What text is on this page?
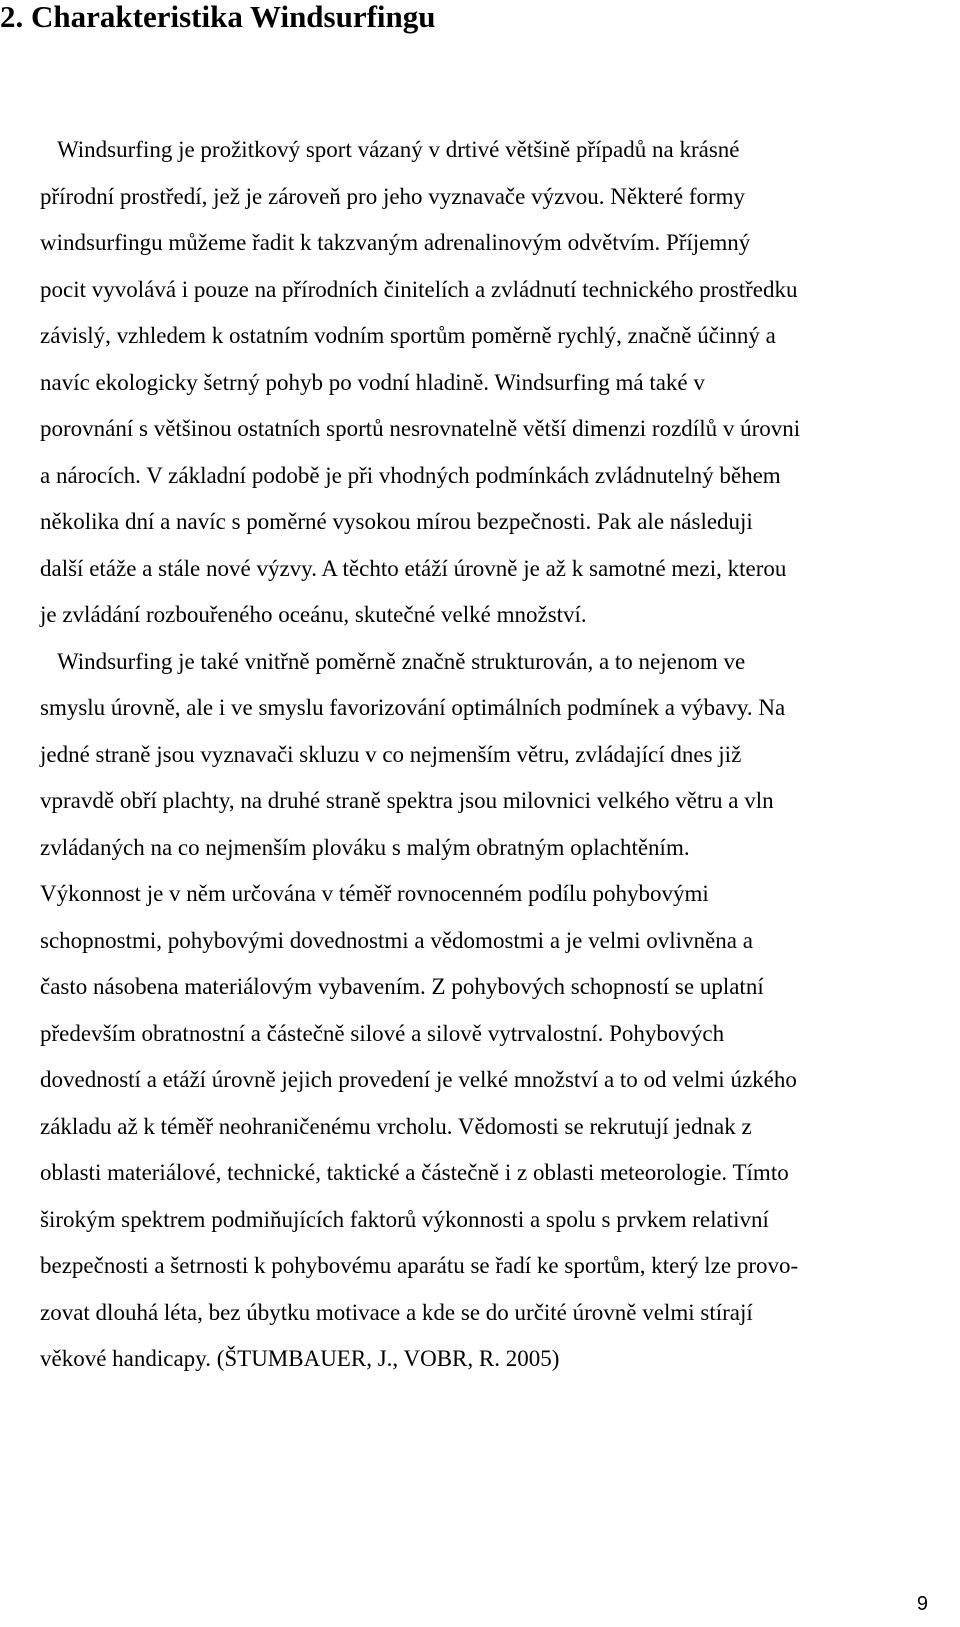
2. Charakteristika Windsurfingu
Windsurfing je prožitkový sport vázaný v drtivé většině případů na krásné
přírodní prostředí, jež je zároveň pro jeho vyznavače výzvou. Některé formy
windsurfingu můžeme řadit k takzvaným adrenalinovým odvětvím. Příjemný
pocit vyvolává i pouze na přírodních činitelích a zvládnutí technického prostředku
závislý, vzhledem k ostatním vodním sportům poměrně rychlý, značně účinný a
navíc ekologicky šetrný pohyb po vodní hladině. Windsurfing má také v
porovnání s většinou ostatních sportů nesrovnatelně větší dimenzi rozdílů v úrovni
a nárocích. V základní podobě je při vhodných podmínkách zvládnutelný během
několika dní a navíc s poměrné vysokou mírou bezpečnosti. Pak ale následuji
další etáže a stále nové výzvy. A těchto etáží úrovně je až k samotné mezi, kterou
je zvládání rozbouřeného oceánu, skutečné velké množství.
Windsurfing je také vnitřně poměrně značně strukturován, a to nejenom ve
smyslu úrovně, ale i ve smyslu favorizování optimálních podmínek a výbavy. Na
jedné straně jsou vyznavači skluzu v co nejmenším větru, zvládající dnes již
vpravdě obří plachty, na druhé straně spektra jsou milovnici velkého větru a vln
zvládaných na co nejmenším plováku s malým obratným oplachtěním.
Výkonnost je v něm určována v téměř rovnocenném podílu pohybovými
schopnostmi, pohybovými dovednostmi a vědomostmi a je velmi ovlivněna a
často násobena materiálovým vybavením. Z pohybových schopností se uplatní
především obratnostní a částečně silové a silově vytrvalostní. Pohybových
dovedností a etáží úrovně jejich provedení je velké množství a to od velmi úzkého
základu až k téměř neohraničenému vrcholu. Vědomosti se rekrutují jednak z
oblasti materiálové, technické, taktické a částečně i z oblasti meteorologie. Tímto
širokým spektrem podmiňujících faktorů výkonnosti a spolu s prvkem relativní
bezpečnosti a šetrnosti k pohybovému aparátu se řadí ke sportům, který lze provo-
zovat dlouhá léta, bez úbytku motivace a kde se do určité úrovně velmi stírají
věkové handicapy. (ŠTUMBAUER, J., VOBR, R. 2005)
9
